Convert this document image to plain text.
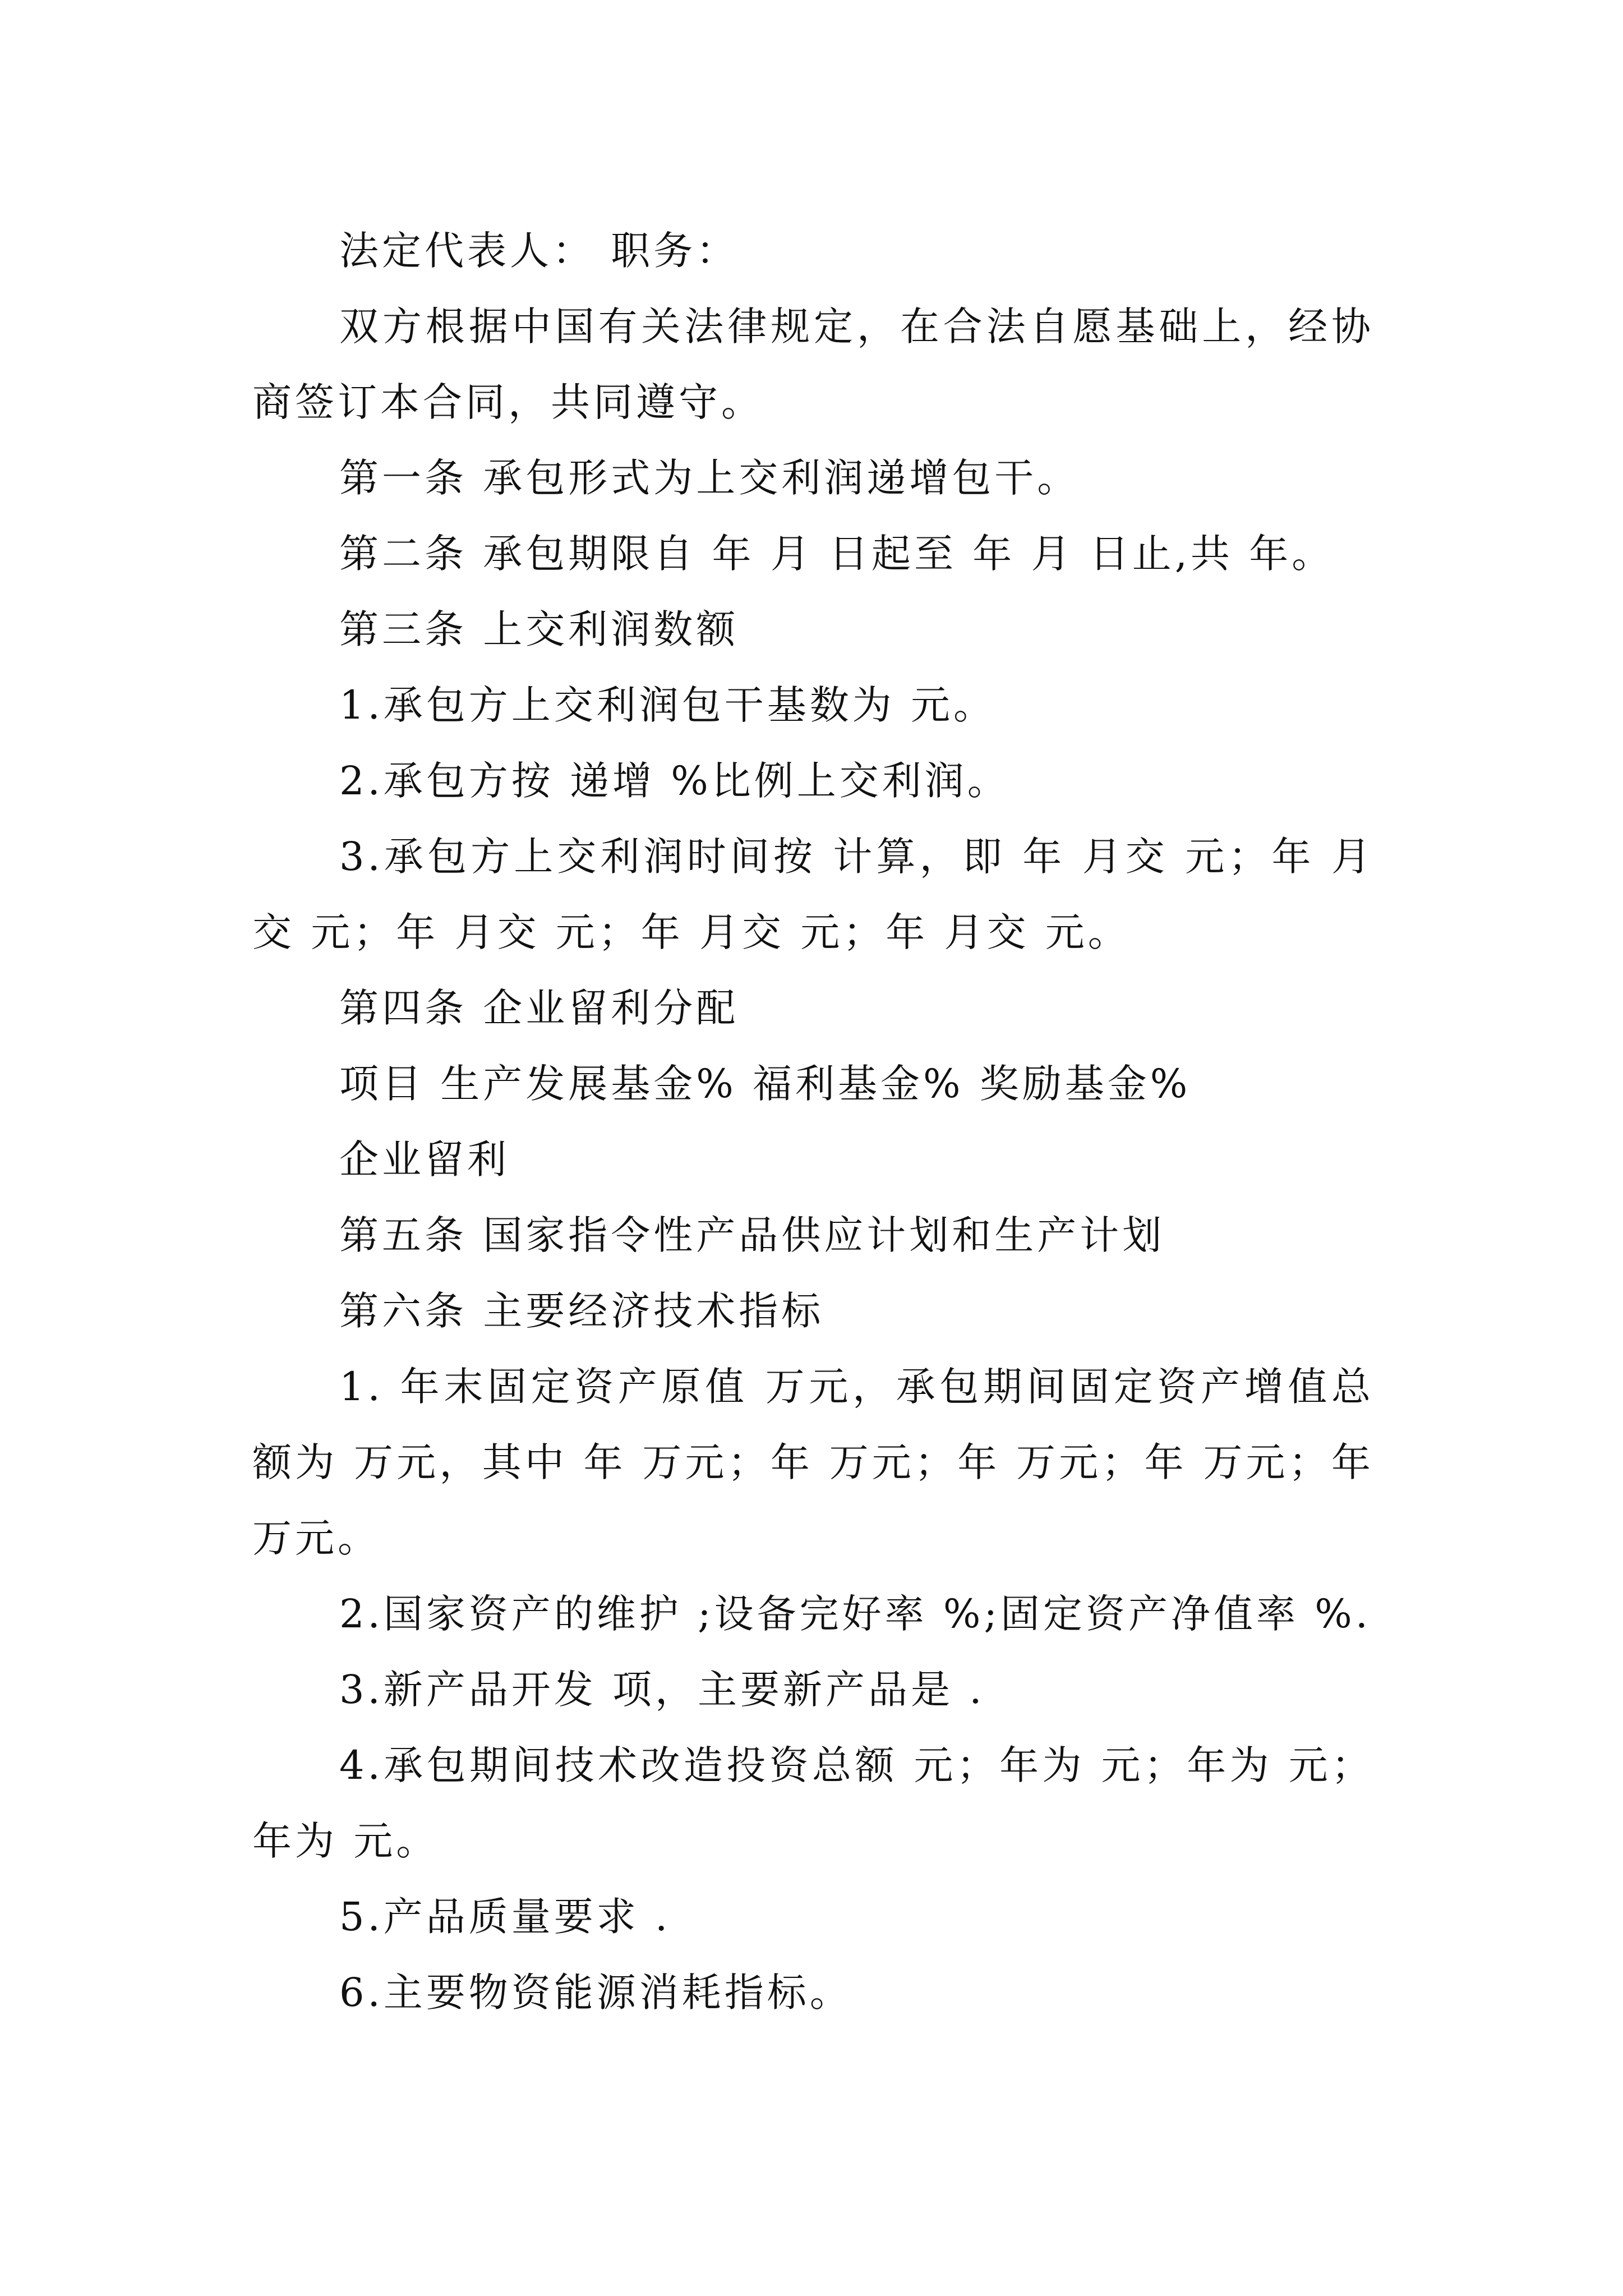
法定代表人： 职务：

双方根据中国有关法律规定，在合法自愿基础上，经协商签订本合同，共同遵守。

第一条 承包形式为上交利润递增包干。

第二条 承包期限自 年 月 日起至 年 月 日止,共 年。

第三条 上交利润数额

1.承包方上交利润包干基数为 元。

2.承包方按 递增 %比例上交利润。

3.承包方上交利润时间按 计算，即 年 月交 元；年 月交 元；年 月交 元；年 月交 元；年 月交 元。

第四条 企业留利分配

项目 生产发展基金% 福利基金% 奖励基金%

企业留利

第五条 国家指令性产品供应计划和生产计划

第六条 主要经济技术指标

1. 年末固定资产原值 万元，承包期间固定资产增值总额为 万元，其中 年 万元；年 万元；年 万元；年 万元；年 万元。

2.国家资产的维护 ;设备完好率 %;固定资产净值率 %.

3.新产品开发 项，主要新产品是 .

4.承包期间技术改造投资总额 元；年为 元；年为 元；年为 元。

5.产品质量要求 .

6.主要物资能源消耗指标。
